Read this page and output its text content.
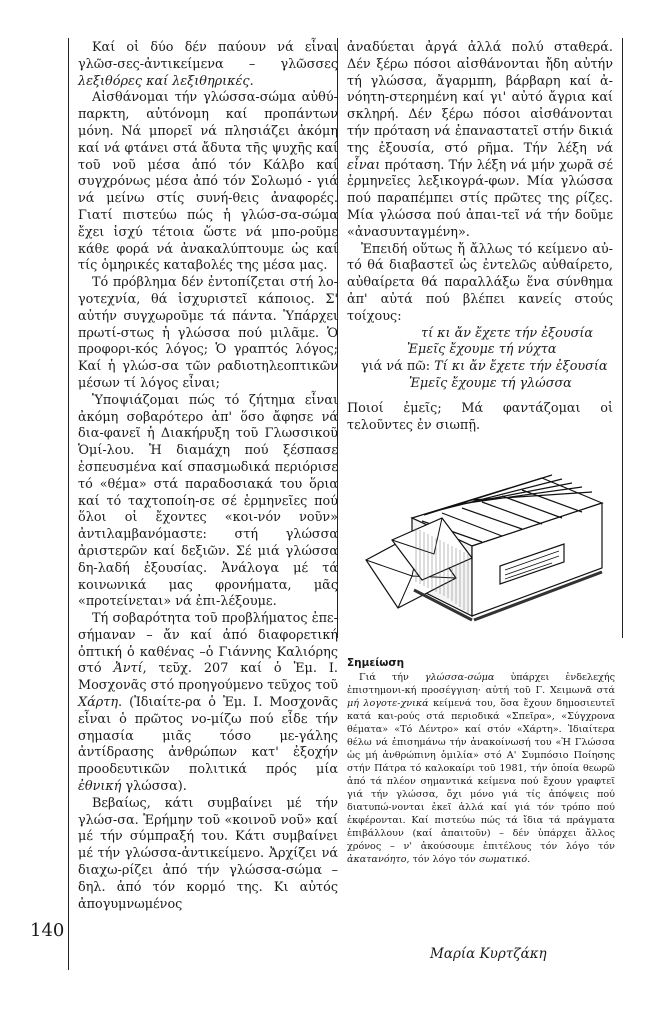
140

Καί οἱ δύο δέν παύουν νά εἶναι γλῶσ-σες-ἀντικείμενα – γλῶσσες λεξιθόρες καί λεξιθηρικές.

Αἰσθάνομαι τήν γλώσσα-σώμα αὐθύ-παρκτη, αὐτόνομη καί προπάντων μόνη. Νά μπορεῖ νά πλησιάζει ἀκόμη καί νά φτάνει στά ἄδυτα τῆς ψυχῆς καί τοῦ νοῦ μέσα ἀπό τόν Κάλβο καί συγχρόνως μέσα ἀπό τόν Σολωμό - γιά νά μείνω στίς συνή-θεις ἀναφορές. Γιατί πιστεύω πώς ἡ γλώσ-σα-σώμα ἔχει ἰσχύ τέτοια ὥστε νά μπο-ροῦμε κάθε φορά νά ἀνακαλύπτουμε ὡς καί τίς ὁμηρικές καταβολές της μέσα μας.

Τό πρόβλημα δέν ἐντοπίζεται στή λο-γοτεχνία, θά ἰσχυριστεῖ κάποιος. Σ' αὐτήν συγχωροῦμε τά πάντα. Ὑπάρχει πρωτί-στως ἡ γλώσσα πού μιλᾶμε. Ὁ προφορι-κός λόγος; Ὁ γραπτός λόγος; Καί ἡ γλώσ-σα τῶν ραδιοτηλεοπτικῶν μέσων τί λόγος εἶναι;

Ὑποψιάζομαι πώς τό ζήτημα εἶναι ἀκόμη σοβαρότερο ἀπ' ὅσο ἄφησε νά δια-φανεῖ ἡ Διακήρυξη τοῦ Γλωσσικοῦ Ὁμί-λου. Ἡ διαμάχη πού ξέσπασε ἐσπευσμένα καί σπασμωδικά περιόρισε τό «θέμα» στά παραδοσιακά του ὅρια καί τό ταχτοποίη-σε σέ ἑρμηνεῖες πού ὅλοι οἱ ἔχοντες «κοι-νόν νοῦν» ἀντιλαμβανόμαστε: στή γλώσσα ἀριστερῶν καί δεξιῶν. Σέ μιά γλώσσα δη-λαδή ἐξουσίας. Ἀνάλογα μέ τά κοινωνικά μας φρονήματα, μᾶς «προτείνεται» νά ἐπι-λέξουμε.

Τή σοβαρότητα τοῦ προβλήματος ἐπε-σήμαναν – ἄν καί ἀπό διαφορετική ὀπτική ὁ καθένας –ὁ Γιάννης Καλιόρης στό Ἀντί, τεῦχ. 207 καί ὁ Ἐμ. Ι. Μοσχονᾶς στό προηγούμενο τεῦχος τοῦ Χάρτη. (Ἰδιαίτε-ρα ὁ Ἐμ. Ι. Μοσχονᾶς εἶναι ὁ πρῶτος νο-μίζω πού εἶδε τήν σημασία μιᾶς τόσο με-γάλης ἀντίδρασης ἀνθρώπων κατ' ἐξοχήν προοδευτικῶν πολιτικά πρός μία ἐθνική γλώσσα).

Βεβαίως, κάτι συμβαίνει μέ τήν γλώσ-σα. Ἐρήμην τοῦ «κοινοῦ νοῦ» καί μέ τήν σύμπραξή του. Κάτι συμβαίνει μέ τήν γλώσσα-ἀντικείμενο. Ἀρχίζει νά διαχω-ρίζει ἀπό τήν γλώσσα-σώμα – δηλ. ἀπό τόν κορμό της. Κι αὐτός ἀπογυμνωμένος

ἀναδύεται ἀργά ἀλλά πολύ σταθερά. Δέν ξέρω πόσοι αἰσθάνονται ἤδη αὐτήν τή γλώσσα, ἄγαρμπη, βάρβαρη καί ἀ-νόητη-στερημένη καί γι' αὐτό ἄγρια καί σκληρή. Δέν ξέρω πόσοι αἰσθάνονται τήν πρόταση νά ἐπαναστατεῖ στήν δικιά της ἐξουσία, στό ρῆμα. Τήν λέξη νά εἶναι πρόταση. Τήν λέξη νά μήν χωρᾶ σέ ἑρμηνεῖες λεξικογρά-φων. Μία γλώσσα πού παραπέμπει στίς πρῶτες της ρίζες. Μία γλώσσα πού ἀπαι-τεῖ νά τήν δοῦμε «ἀνασυνταγμένη».

Ἐπειδή οὕτως ἤ ἄλλως τό κείμενο αὐ-τό θά διαβαστεῖ ὡς ἐντελῶς αὐθαίρετο, αὐθαίρετα θά παραλλάξω ἕνα σύνθημα ἀπ' αὐτά πού βλέπει κανείς στούς τοίχους:

τί κι ἄν ἔχετε τήν ἐξουσία

Ἐμεῖς ἔχουμε τή νύχτα

γιά νά πῶ: Τί κι ἄν ἔχετε τήν ἐξουσία

Ἐμεῖς ἔχουμε τή γλώσσα

Ποιοί ἐμεῖς; Μά φαντάζομαι οἱ τελοῦντες ἐν σιωπῇ.

Σημείωση

Γιά τήν γλώσσα-σώμα ὑπάρχει ἐνδελεχής ἐπιστημονι-κή προσέγγιση· αὐτή τοῦ Γ. Χειμωνᾶ στά μή λογοτε-χνικά κείμενά του, ὅσα ἔχουν δημοσιευτεῖ κατά και-ρούς στά περιοδικά «Σπεῖρα», «Σύγχρονα θέματα» «Τό Δέντρο» καί στόν «Χάρτη». Ἰδιαίτερα θέλω νά ἐπισημάνω τήν ἀνακοίνωσή του «Ἡ Γλώσσα ὡς μή ἀνθρώπινη ὁμιλία» στό Α' Συμπόσιο Ποίησης στήν Πάτρα τό καλοκαίρι τοῦ 1981, τήν ὁποία θεωρῶ ἀπό τά πλέον σημαντικά κείμενα πού ἔχουν γραφτεῖ γιά τήν γλώσσα, ὄχι μόνο γιά τίς ἀπόψεις πού διατυπώ-νονται ἐκεῖ ἀλλά καί γιά τόν τρόπο πού ἐκφέρονται. Καί πιστεύω πώς τά ἴδια τά πράγματα ἐπιβάλλουν (καί ἀπαιτοῦν) – δέν ὑπάρχει ἄλλος χρόνος – ν' ἀκούσουμε ἐπιτέλους τόν λόγο τόν ἀκατανόητο, τόν λόγο τόν σωματικό.

Μαρία Κυρτζάκη
